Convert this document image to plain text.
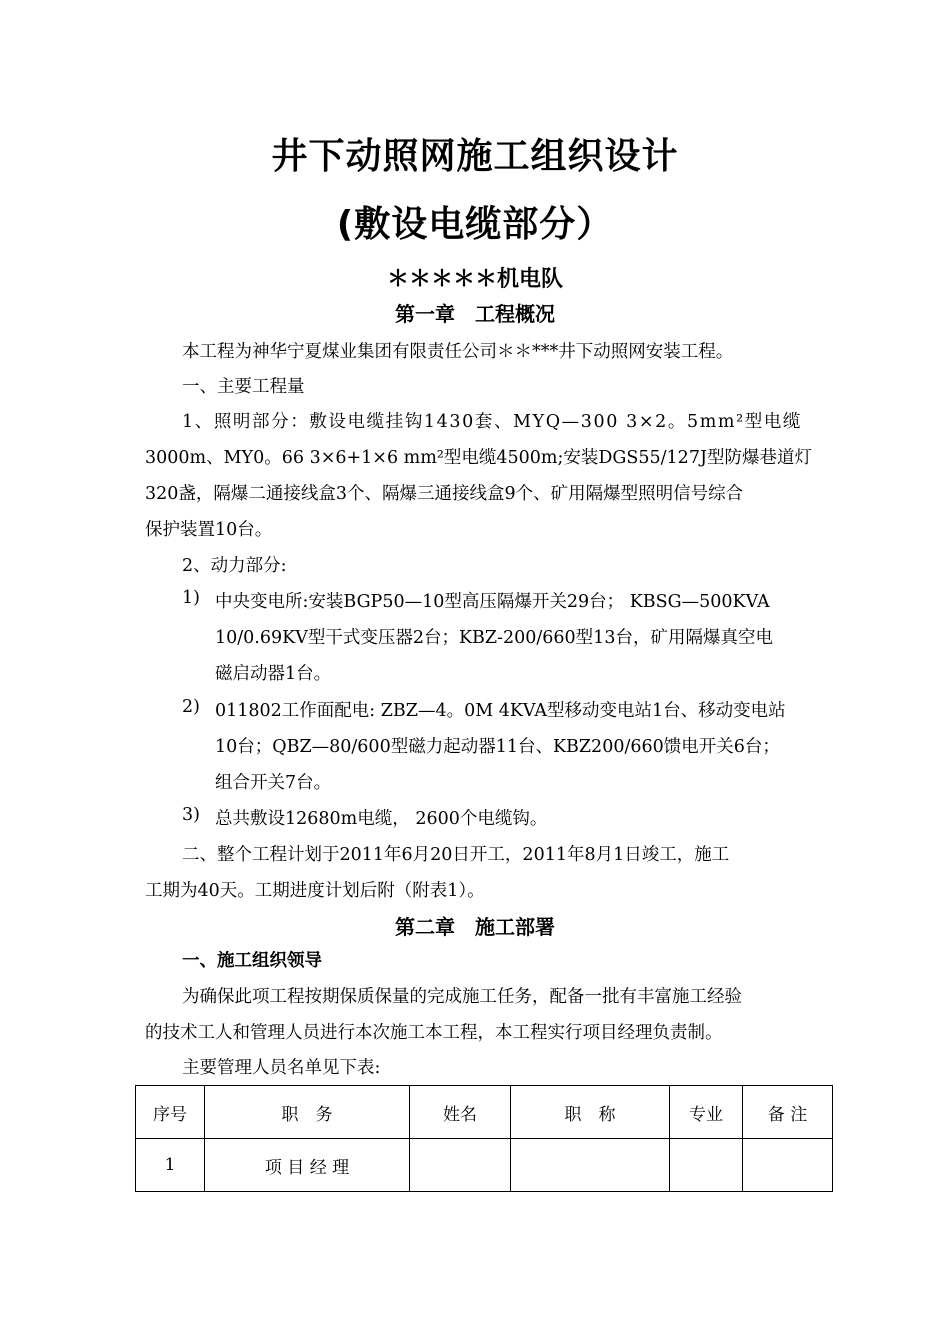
井下动照网施工组织设计
(敷设电缆部分）
＊＊＊＊＊机电队
第一章　工程概况
本工程为神华宁夏煤业集团有限责任公司＊＊***井下动照网安装工程。
一、主要工程量
1、照明部分：敷设电缆挂钩1430套、MYQ—300 3×2。5mm²型电缆
3000m、MY0。66 3×6+1×6 mm²型电缆4500m;安装DGS55/127J型防爆巷道灯
320盏，隔爆二通接线盒3个、隔爆三通接线盒9个、矿用隔爆型照明信号综合
保护装置10台。
2、动力部分:
1) 中央变电所:安装BGP50—10型高压隔爆开关29台； KBSG—500KVA
10/0.69KV型干式变压器2台；KBZ-200/660型13台，矿用隔爆真空电
磁启动器1台。
2) 011802工作面配电: ZBZ—4。0M 4KVA型移动变电站1台、移动变电站
10台；QBZ—80/600型磁力起动器11台、KBZ200/660馈电开关6台；
组合开关7台。
3) 总共敷设12680m电缆， 2600个电缆钩。
二、整个工程计划于2011年6月20日开工，2011年8月1日竣工，施工
工期为40天。工期进度计划后附（附表1）。
第二章　施工部署
一、施工组织领导
为确保此项工程按期保质保量的完成施工任务，配备一批有丰富施工经验
的技术工人和管理人员进行本次施工本工程，本工程实行项目经理负责制。
主要管理人员名单见下表:
序号	职　务	姓名	职　称	专业	备 注
1	项 目 经 理				
